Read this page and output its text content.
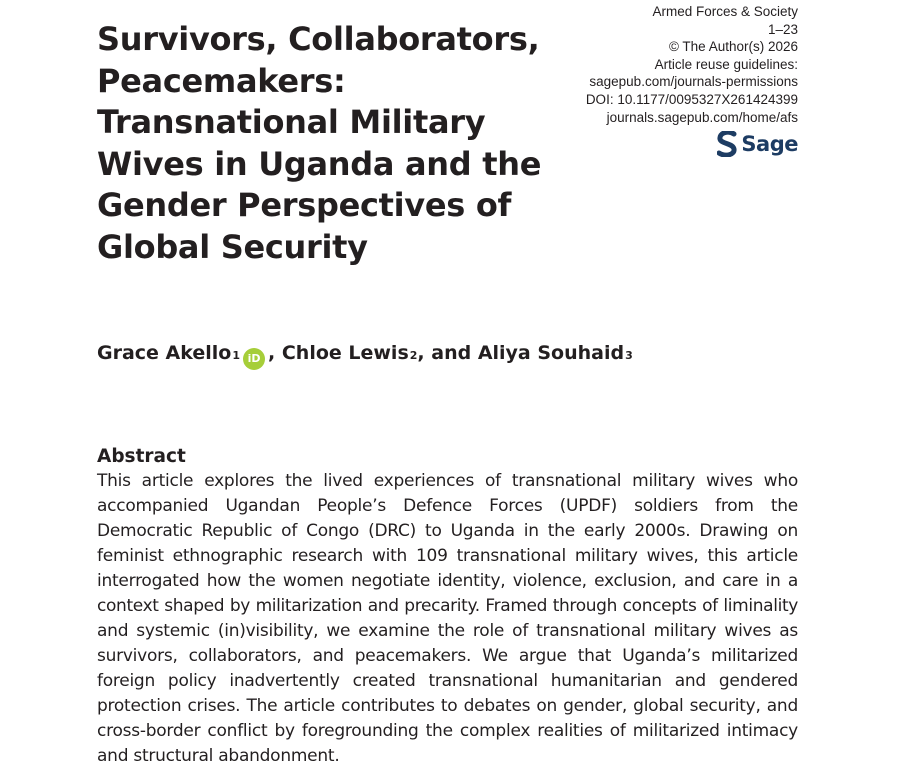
Survivors, Collaborators,
Peacemakers:
Transnational Military
Wives in Uganda and the
Gender Perspectives of
Global Security
Armed Forces & Society
1–23
© The Author(s) 2026
Article reuse guidelines:
sagepub.com/journals-permissions
DOI: 10.1177/0095327X261424399
journals.sagepub.com/home/afs
Sage
Grace Akello 1 iD , Chloe Lewis 2 , and Aliya Souhaid 3
Abstract
This article explores the lived experiences of transnational military wives who
accompanied Ugandan People’s Defence Forces (UPDF) soldiers from the
Democratic Republic of Congo (DRC) to Uganda in the early 2000s. Drawing on
feminist ethnographic research with 109 transnational military wives, this article
interrogated how the women negotiate identity, violence, exclusion, and care in a
context shaped by militarization and precarity. Framed through concepts of liminality
and systemic (in)visibility, we examine the role of transnational military wives as
survivors, collaborators, and peacemakers. We argue that Uganda’s militarized
foreign policy inadvertently created transnational humanitarian and gendered
protection crises. The article contributes to debates on gender, global security, and
cross-border conflict by foregrounding the complex realities of militarized intimacy
and structural abandonment.
